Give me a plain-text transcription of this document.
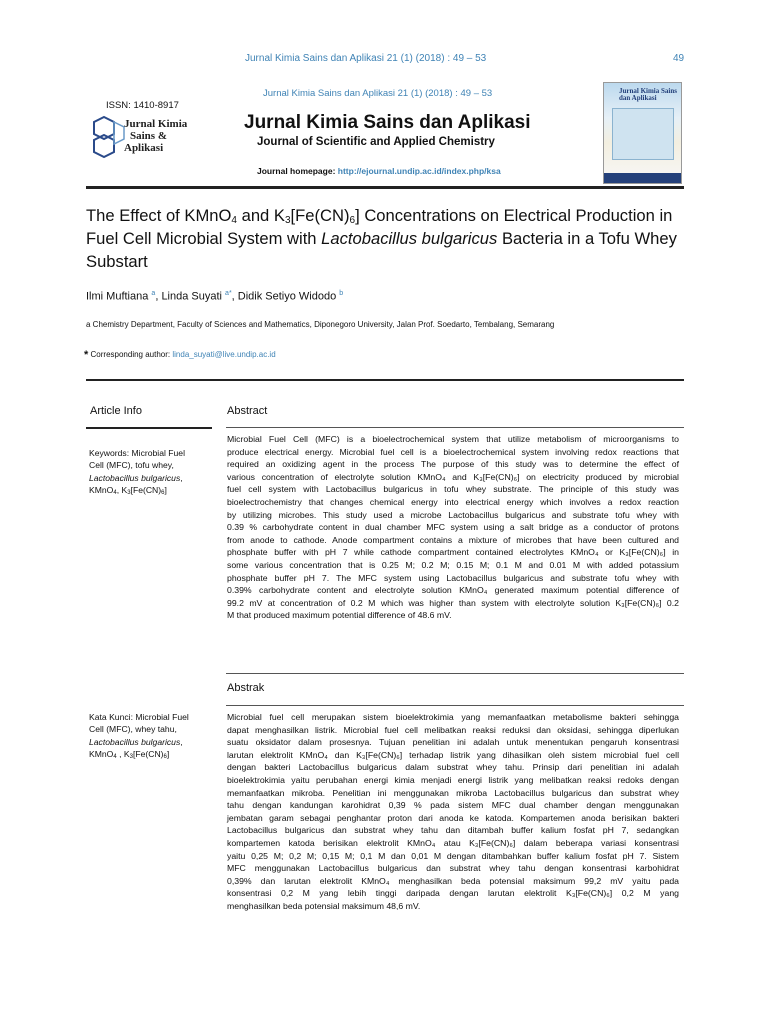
Jurnal Kimia Sains dan Aplikasi 21 (1) (2018) : 49 – 53	49
Jurnal Kimia Sains dan Aplikasi 21 (1) (2018) : 49 – 53
ISSN: 1410-8917
Jurnal Kimia
Sains &
Aplikasi
Jurnal Kimia Sains dan Aplikasi
Journal of Scientific and Applied Chemistry
Journal homepage: http://ejournal.undip.ac.id/index.php/ksa
Jurnal Kimia Sains dan Aplikasi
The Effect of KMnO$_4$ and $K_3[Fe(CN)_6]$ Concentrations on Electrical Production in Fuel Cell Microbial System with Lactobacillus bulgaricus Bacteria in a Tofu Whey Substart
Ilmi Muftiana $^a$, Linda Suyati $^{a*}$, Didik Setiyo Widodo $^b$
a Chemistry Department, Faculty of Sciences and Mathematics, Diponegoro University, Jalan Prof. Soedarto, Tembalang, Semarang
* Corresponding author: linda_suyati@live.undip.ac.id
Article Info	Abstract
Keywords: Microbial Fuel Cell (MFC), tofu whey, Lactobacillus bulgaricus, KMnO$_4$, $K_3[Fe(CN)_6]$

Microbial Fuel Cell (MFC) is a bioelectrochemical system that utilize metabolism of microorganisms to

produce electrical energy. Microbial fuel cell is a bioelectrochemical system involving redox reactions that

required an oxidizing agent in the process The purpose of this study was to determine the effect of

various concentration of electrolyte solution KMnO₄ and K₃[Fe(CN)₆] on electricity produced by microbial

fuel cell system with Lactobacillus bulgaricus in tofu whey substrate. The principle of this study was

bioelectrochemistry that changes chemical energy into electrical energy which involves a redox reaction

by utilizing microbes. This study used a microbe Lactobacillus bulgaricus and substrate tofu whey with

0.39 % carbohydrate content in dual chamber MFC system using a salt bridge as a conductor of protons

from anode to cathode. Anode compartment contains a mixture of microbes that have been cultured and

phosphate buffer with pH 7 while cathode compartment contained electrolytes KMnO₄ or K₃[Fe(CN)₆] in

some various concentration that is 0.25 M; 0.2 M; 0.15 M; 0.1 M and 0.01 M with added potassium

phosphate buffer pH 7. The MFC system using Lactobacillus bulgaricus and substrate tofu whey with

0.39% carbohydrate content and electrolyte solution KMnO₄ generated maximum potential difference of

99.2 mV at concentration of 0.2 M which was higher than system with electrolyte solution K₃[Fe(CN)₆] 0.2

M that produced maximum potential difference of 48.6 mV.

Abstrak
Kata Kunci: Microbial Fuel Cell (MFC), whey tahu, Lactobacillus bulgaricus, KMnO$_4$ , $K_3[Fe(CN)_6]$

Microbial fuel cell merupakan sistem bioelektrokimia yang memanfaatkan metabolisme bakteri sehingga

dapat menghasilkan listrik. Microbial fuel cell melibatkan reaksi reduksi dan oksidasi, sehingga diperlukan

suatu oksidator dalam prosesnya. Tujuan penelitian ini adalah untuk menentukan pengaruh konsentrasi

larutan elektrolit KMnO₄ dan K₃[Fe(CN)₆] terhadap listrik yang dihasilkan oleh sistem microbial fuel cell

dengan bakteri Lactobacillus bulgaricus dalam substrat whey tahu. Prinsip dari penelitian ini adalah

bioelektrokimia yaitu perubahan energi kimia menjadi energi listrik yang melibatkan reaksi redoks dengan

memanfaatkan mikroba. Penelitian ini menggunakan mikroba Lactobacillus bulgaricus dan substrat whey

tahu dengan kandungan karohidrat 0,39 % pada sistem MFC dual chamber dengan menggunakan

jembatan garam sebagai penghantar proton dari anoda ke katoda. Kompartemen anoda berisikan bakteri

Lactobacillus bulgaricus dan substrat whey tahu dan ditambah buffer kalium fosfat pH 7, sedangkan

kompartemen katoda berisikan elektrolit KMnO₄ atau K₃[Fe(CN)₆] dalam beberapa variasi konsentrasi

yaitu 0,25 M; 0,2 M; 0,15 M; 0,1 M dan 0,01 M dengan ditambahkan buffer kalium fosfat pH 7. Sistem

MFC menggunakan Lactobacillus bulgaricus dan substrat whey tahu dengan konsentrasi karbohidrat

0,39% dan larutan elektrolit KMnO₄ menghasilkan beda potensial maksimum 99,2 mV yaitu pada

konsentrasi 0,2 M yang lebih tinggi daripada dengan larutan elektrolit K₃[Fe(CN)₆] 0,2 M yang

menghasilkan beda potensial maksimum 48,6 mV.
